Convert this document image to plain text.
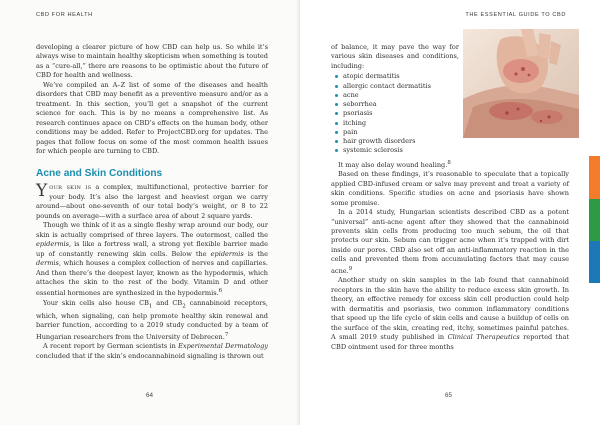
CBD FOR HEALTH

developing a clearer picture of how CBD can help us. So while it’s always wise to maintain healthy skepticism when something is touted as a “cure-all,” there are reasons to be optimistic about the future of CBD for health and wellness.

We’ve compiled an A–Z list of some of the diseases and health disorders that CBD may benefit as a preventive measure and/or as a treatment. In this section, you’ll get a snapshot of the current science for each. This is by no means a comprehensive list. As research continues apace on CBD’s effects on the human body, other conditions may be added. Refer to ProjectCBD.org for updates. The pages that follow focus on some of the most common health issues for which people are turning to CBD.

Acne and Skin Conditions

Your skin is a complex, multifunctional, protective barrier for your body. It’s also the largest and heaviest organ we carry around—about one-seventh of our total body’s weight, or 8 to 22 pounds on average—with a surface area of about 2 square yards.

Though we think of it as a single fleshy wrap around our body, our skin is actually comprised of three layers. The outermost, called the epidermis, is like a fortress wall, a strong yet flexible barrier made up of constantly renewing skin cells. Below the epidermis is the dermis, which houses a complex collection of nerves and capillaries. And then there’s the deepest layer, known as the hypodermis, which attaches the skin to the rest of the body. Vitamin D and other essential hormones are synthesized in the hypodermis.$^6$

Your skin cells also house $CB_1$ and $CB_2$ cannabinoid receptors, which, when signaling, can help promote healthy skin renewal and barrier function, according to a 2019 study conducted by a team of Hungarian researchers from the University of Debrecen.$^7$

A recent report by German scientists in Experimental Dermatology concluded that if the skin’s endocannabinoid signaling is thrown out

64
THE ESSENTIAL GUIDE TO CBD

of balance, it may pave the way for various skin diseases and conditions, including:

atopic dermatitis
allergic contact dermatitis
acne
seborrhea
psoriasis
itching
pain
hair growth disorders
systemic sclerosis

It may also delay wound healing.$^8$

Based on these findings, it’s reasonable to speculate that a topically applied CBD-infused cream or salve may prevent and treat a variety of skin conditions. Specific studies on acne and psoriasis have shown some promise.

In a 2014 study, Hungarian scientists described CBD as a potent “universal” anti-acne agent after they showed that the cannabinoid prevents skin cells from producing too much sebum, the oil that protects our skin. Sebum can trigger acne when it’s trapped with dirt inside our pores. CBD also set off an anti-inflammatory reaction in the cells and prevented them from accumulating factors that may cause acne.$^9$

Another study on skin samples in the lab found that cannabinoid receptors in the skin have the ability to reduce excess skin growth. In theory, an effective remedy for excess skin cell production could help with dermatitis and psoriasis, two common inflammatory conditions that speed up the life cycle of skin cells and cause a buildup of cells on the surface of the skin, creating red, itchy, sometimes painful patches. A small 2019 study published in Clinical Therapeutics reported that CBD ointment used for three months

65
